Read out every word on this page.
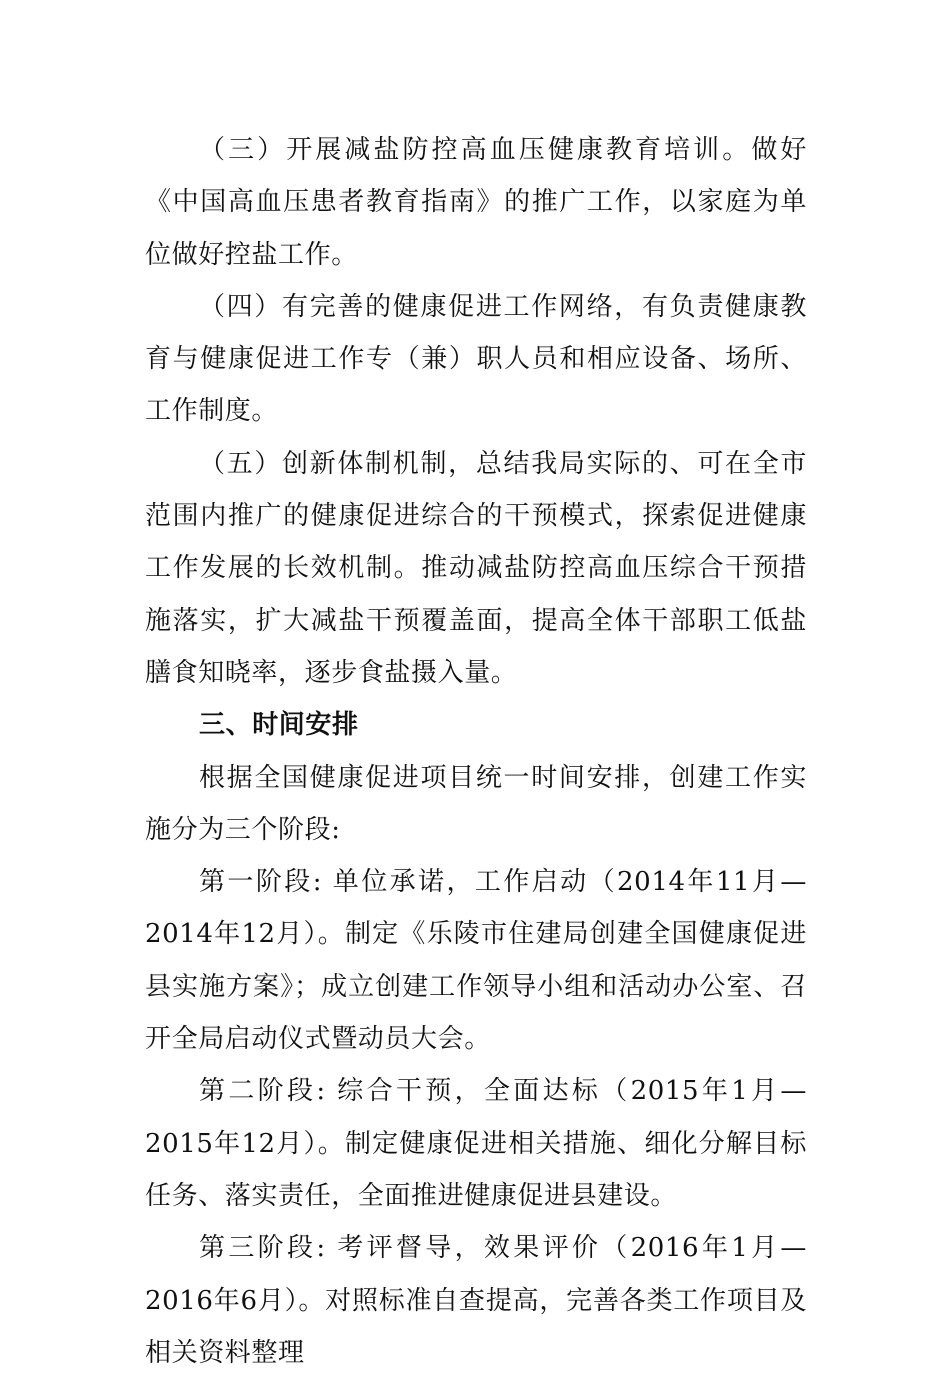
（三）开展减盐防控高血压健康教育培训。做好《中国高血压患者教育指南》的推广工作，以家庭为单位做好控盐工作。

（四）有完善的健康促进工作网络，有负责健康教育与健康促进工作专（兼）职人员和相应设备、场所、工作制度。

（五）创新体制机制，总结我局实际的、可在全市范围内推广的健康促进综合的干预模式，探索促进健康工作发展的长效机制。推动减盐防控高血压综合干预措施落实，扩大减盐干预覆盖面，提高全体干部职工低盐膳食知晓率，逐步食盐摄入量。

三、时间安排

根据全国健康促进项目统一时间安排，创建工作实施分为三个阶段:

第一阶段: 单位承诺，工作启动（2014年11月—2014年12月）。制定《乐陵市住建局创建全国健康促进县实施方案》；成立创建工作领导小组和活动办公室、召开全局启动仪式暨动员大会。

第二阶段: 综合干预，全面达标（2015年1月—2015年12月）。制定健康促进相关措施、细化分解目标任务、落实责任，全面推进健康促进县建设。

第三阶段: 考评督导，效果评价（2016年1月—2016年6月）。对照标准自查提高，完善各类工作项目及相关资料整理
